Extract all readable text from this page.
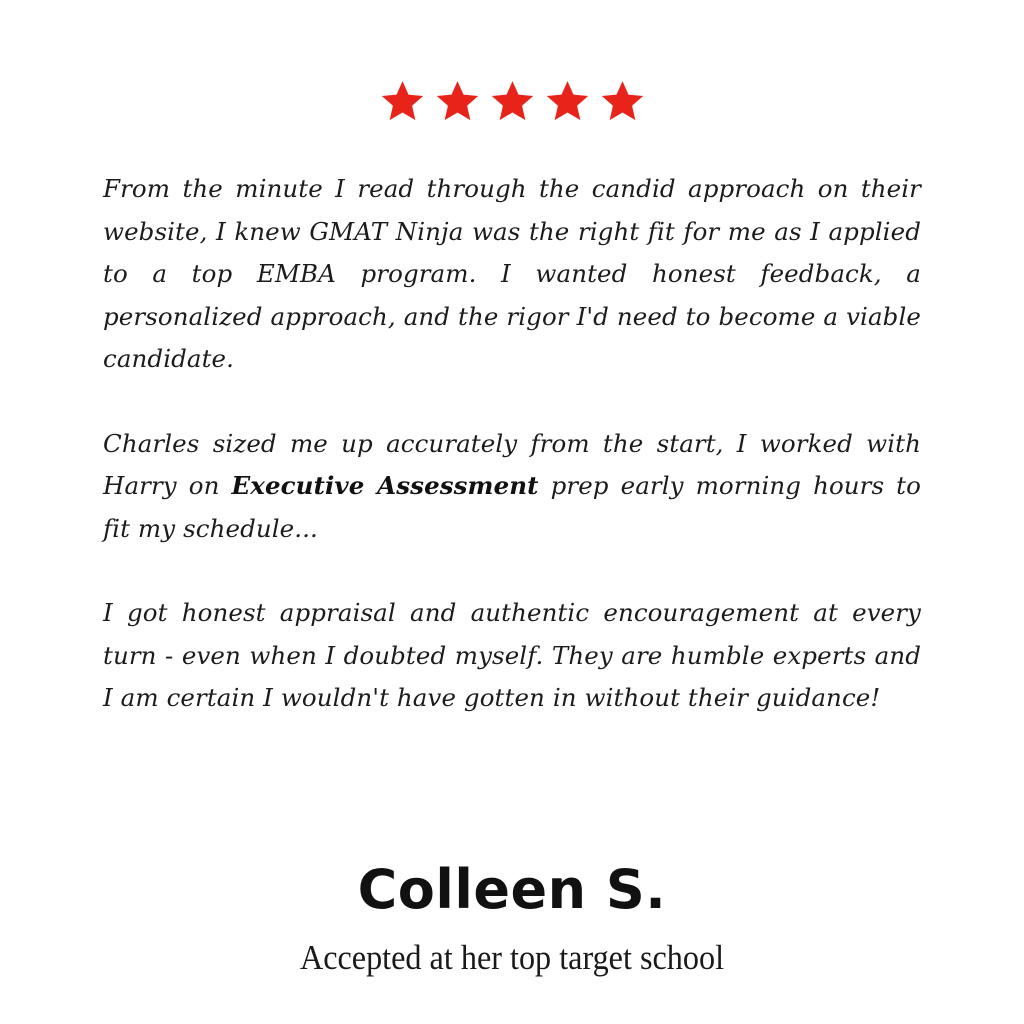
From the minute I read through the candid approach on their website, I knew GMAT Ninja was the right fit for me as I applied to a top EMBA program. I wanted honest feedback, a personalized approach, and the rigor I'd need to become a viable candidate.

Charles sized me up accurately from the start, I worked with Harry on Executive Assessment prep early morning hours to fit my schedule...

I got honest appraisal and authentic encouragement at every turn - even when I doubted myself. They are humble experts and I am certain I wouldn't have gotten in without their guidance!

Colleen S.
Accepted at her top target school
